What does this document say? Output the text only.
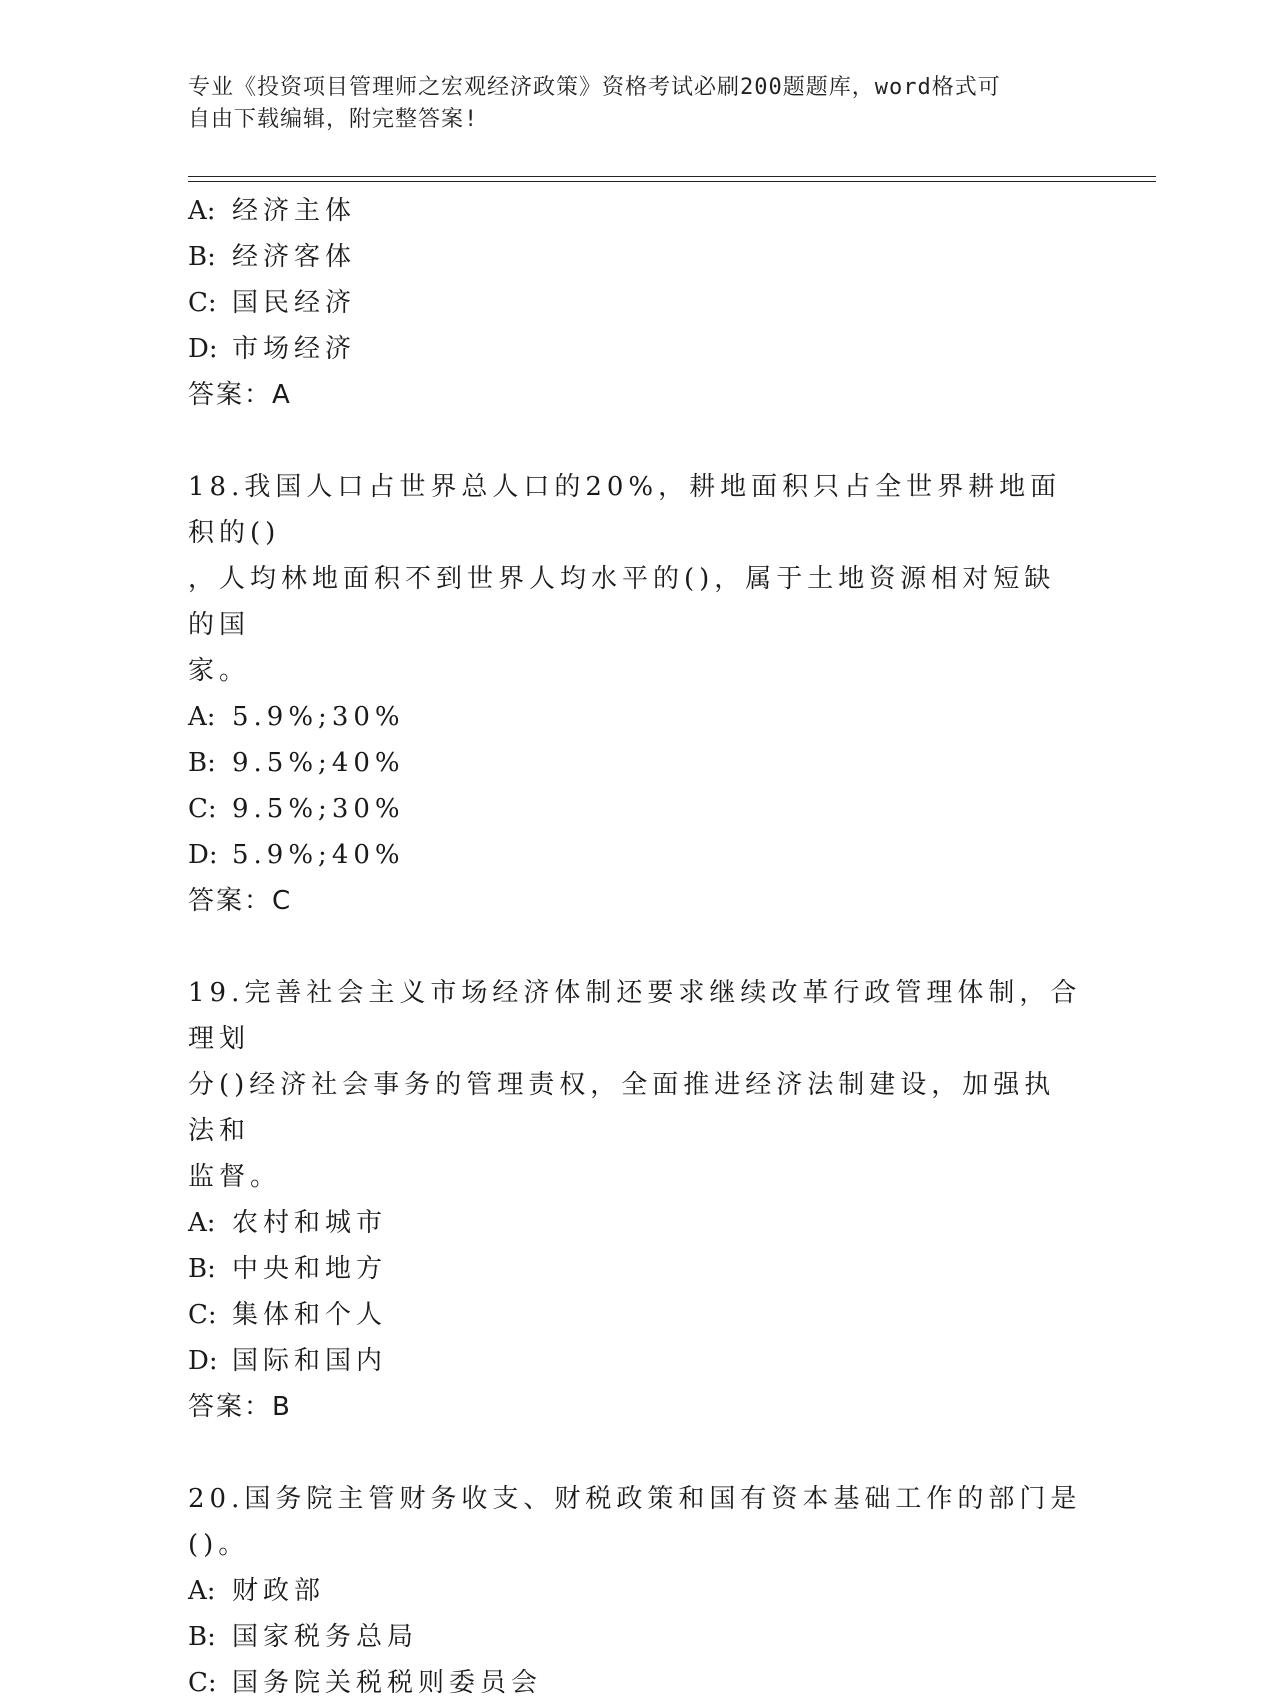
专业《投资项目管理师之宏观经济政策》资格考试必刷200题题库，word格式可
自由下载编辑，附完整答案!
A: 经济主体
B: 经济客体
C: 国民经济
D: 市场经济
答案：A
18.我国人口占世界总人口的20%，耕地面积只占全世界耕地面积的()
，人均林地面积不到世界人均水平的()，属于土地资源相对短缺的国
家。
A: 5.9%;30%
B: 9.5%;40%
C: 9.5%;30%
D: 5.9%;40%
答案：C
19.完善社会主义市场经济体制还要求继续改革行政管理体制，合理划
分()经济社会事务的管理责权，全面推进经济法制建设，加强执法和
监督。
A: 农村和城市
B: 中央和地方
C: 集体和个人
D: 国际和国内
答案：B
20.国务院主管财务收支、财税政策和国有资本基础工作的部门是()。
A: 财政部
B: 国家税务总局
C: 国务院关税税则委员会
